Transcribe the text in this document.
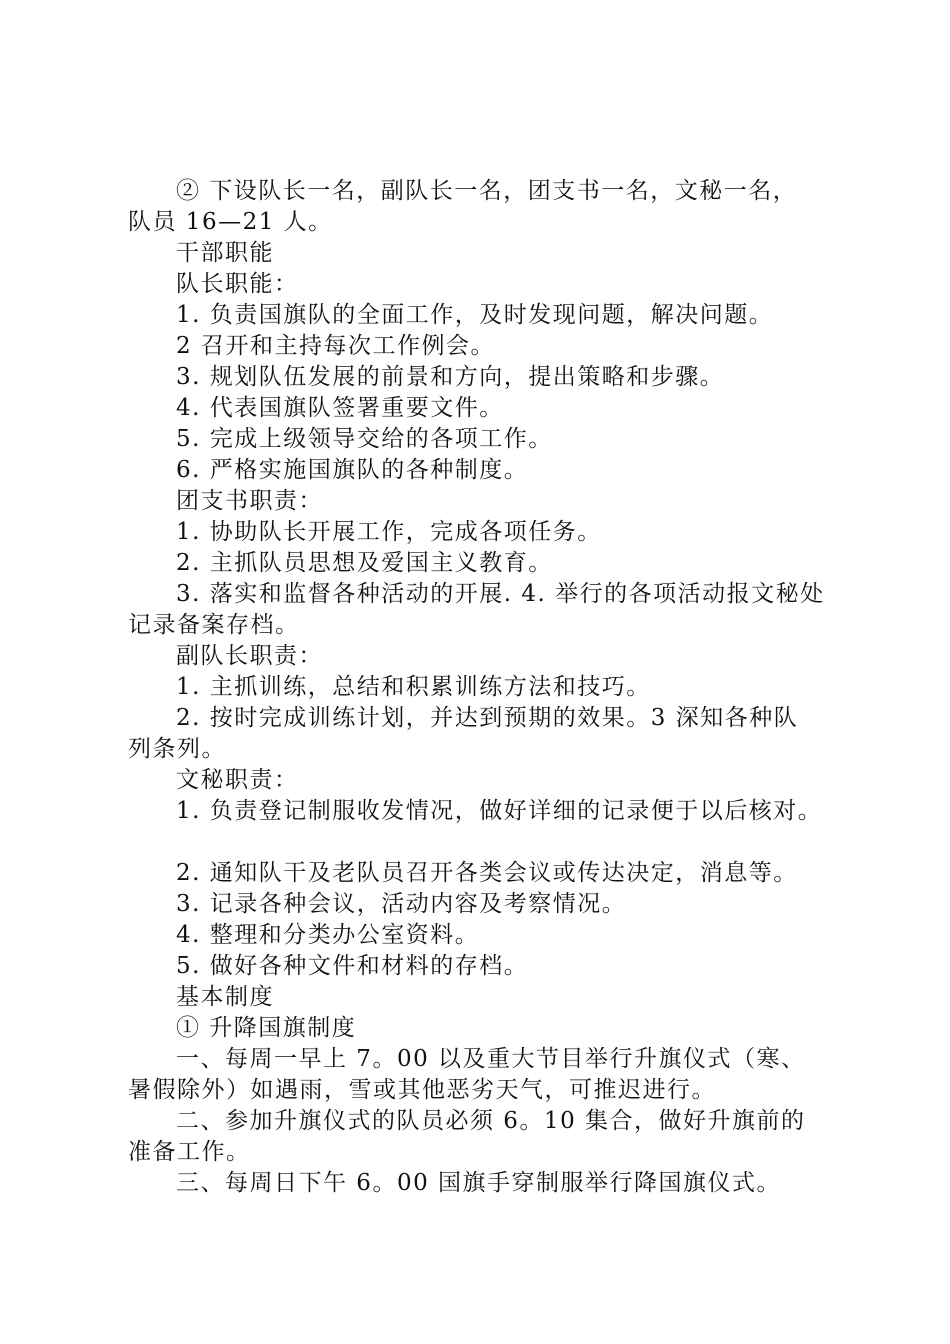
② 下设队长一名，副队长一名，团支书一名，文秘一名，
队员 16—21 人。
干部职能
队长职能：
1. 负责国旗队的全面工作，及时发现问题，解决问题。
2 召开和主持每次工作例会。
3. 规划队伍发展的前景和方向，提出策略和步骤。
4. 代表国旗队签署重要文件。
5. 完成上级领导交给的各项工作。
6. 严格实施国旗队的各种制度。
团支书职责：
1. 协助队长开展工作，完成各项任务。
2. 主抓队员思想及爱国主义教育。
3. 落实和监督各种活动的开展. 4. 举行的各项活动报文秘处
记录备案存档。
副队长职责：
1. 主抓训练，总结和积累训练方法和技巧。
2. 按时完成训练计划，并达到预期的效果。3 深知各种队
列条列。
文秘职责：
1. 负责登记制服收发情况，做好详细的记录便于以后核对。
2. 通知队干及老队员召开各类会议或传达决定，消息等。
3. 记录各种会议，活动内容及考察情况。
4. 整理和分类办公室资料。
5. 做好各种文件和材料的存档。
基本制度
① 升降国旗制度
一、每周一早上 7。00 以及重大节目举行升旗仪式（寒、
暑假除外）如遇雨，雪或其他恶劣天气，可推迟进行。
二、参加升旗仪式的队员必须 6。10 集合，做好升旗前的
准备工作。
三、每周日下午 6。00 国旗手穿制服举行降国旗仪式。
